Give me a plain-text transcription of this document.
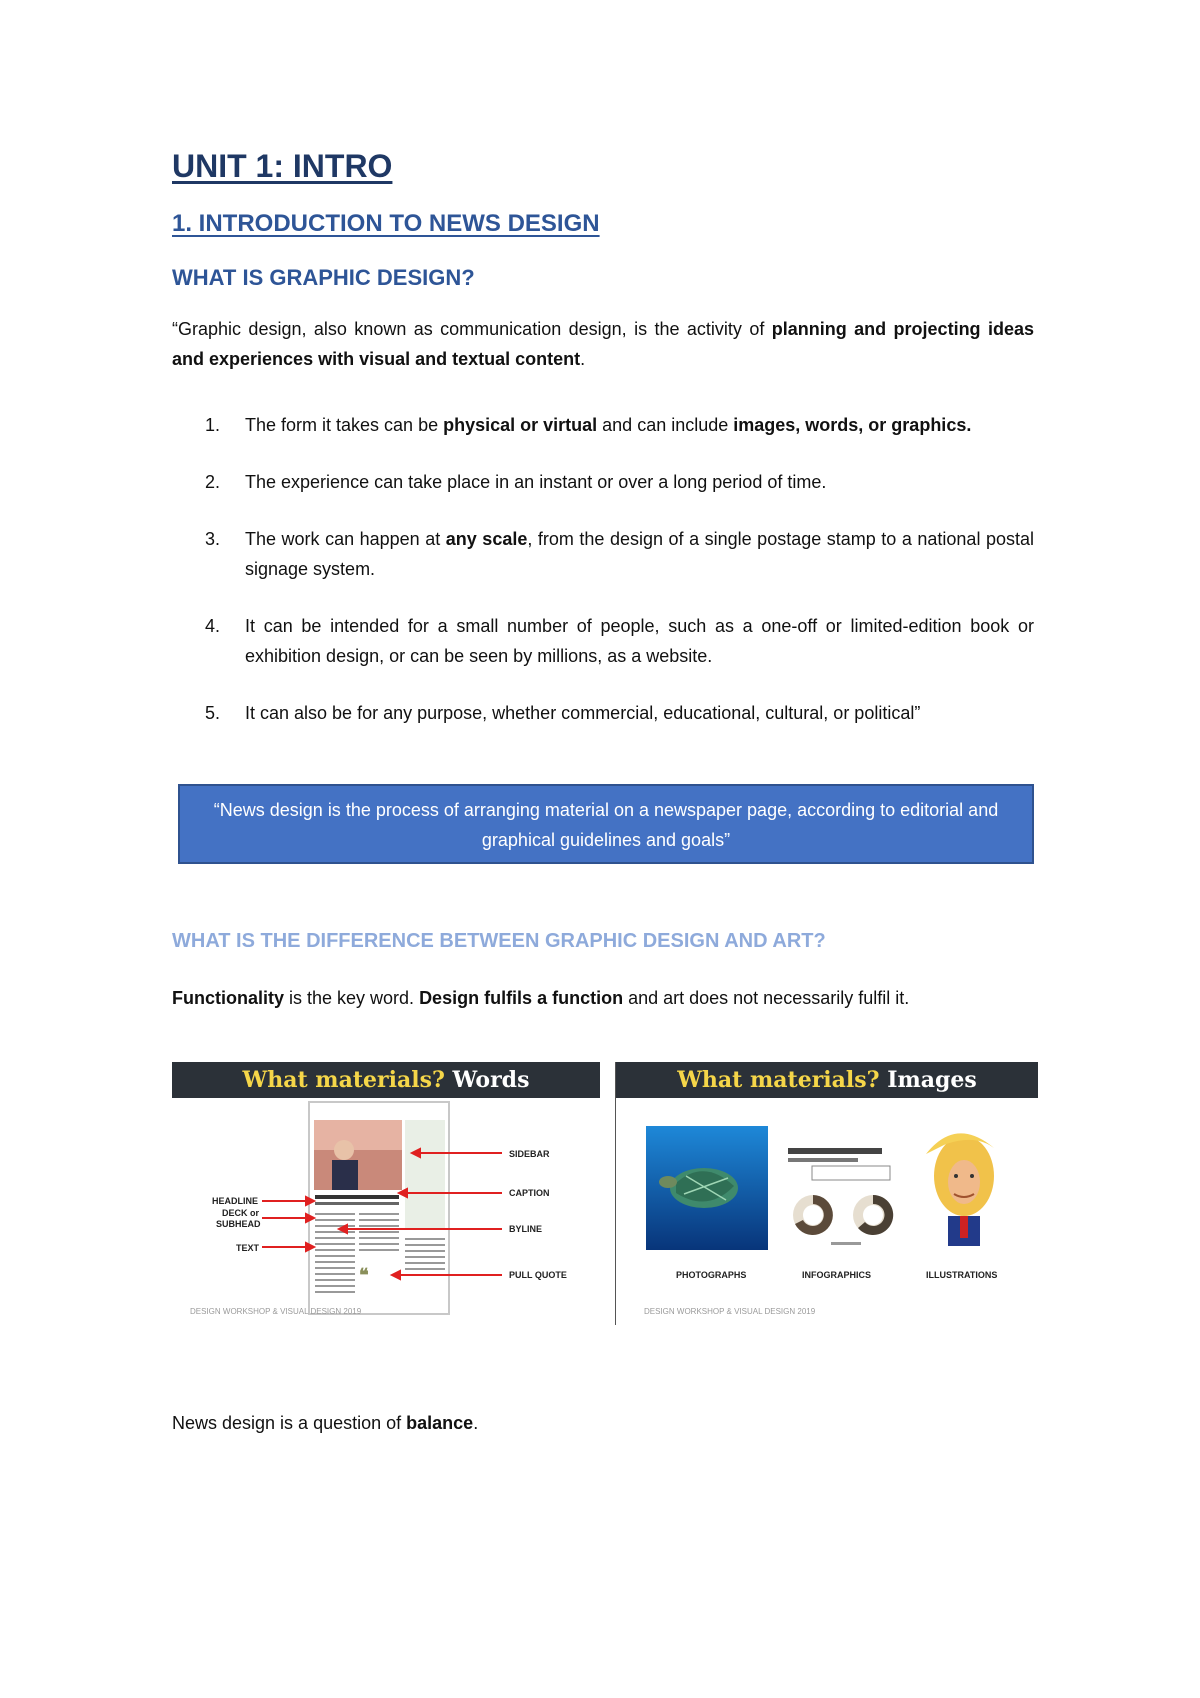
UNIT 1: INTRO
1. INTRODUCTION TO NEWS DESIGN
WHAT IS GRAPHIC DESIGN?
“Graphic design, also known as communication design, is the activity of planning and projecting ideas and experiences with visual and textual content.
1. The form it takes can be physical or virtual and can include images, words, or graphics.
2. The experience can take place in an instant or over a long period of time.
3. The work can happen at any scale, from the design of a single postage stamp to a national postal signage system.
4. It can be intended for a small number of people, such as a one-off or limited-edition book or exhibition design, or can be seen by millions, as a website.
5. It can also be for any purpose, whether commercial, educational, cultural, or political”
“News design is the process of arranging material on a newspaper page, according to editorial and graphical guidelines and goals”
WHAT IS THE DIFFERENCE BETWEEN GRAPHIC DESIGN AND ART?
Functionality is the key word. Design fulfils a function and art does not necessarily fulfil it.
What materials? Words
❝
SIDEBAR
CAPTION
BYLINE
PULL QUOTE
HEADLINE
DECK or
SUBHEAD
TEXT
DESIGN WORKSHOP & VISUAL DESIGN 2019
What materials? Images
PHOTOGRAPHS	INFOGRAPHICS	ILLUSTRATIONS
DESIGN WORKSHOP & VISUAL DESIGN 2019
News design is a question of balance.
